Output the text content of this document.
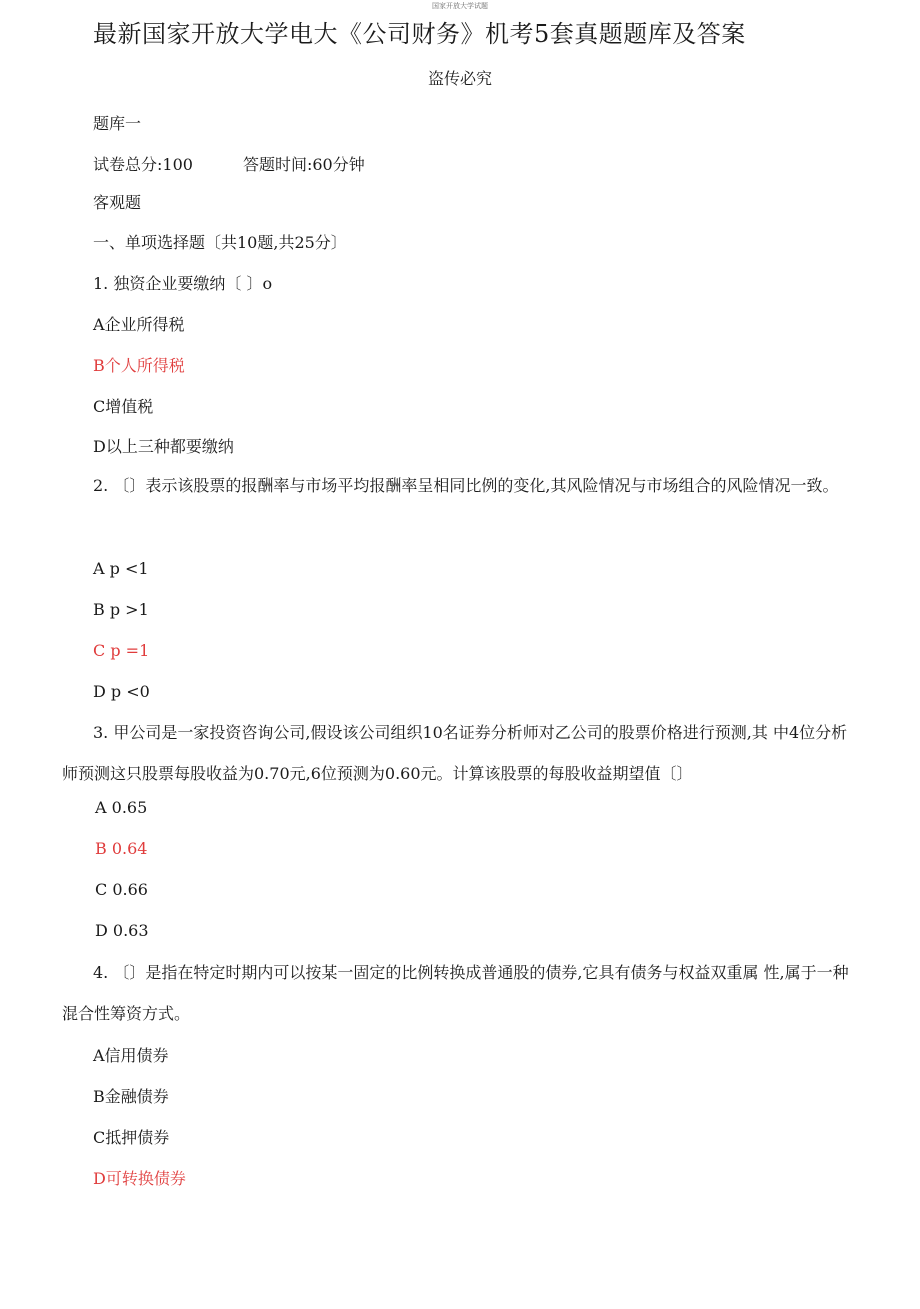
国家开放大学试题
最新国家开放大学电大《公司财务》机考5套真题题库及答案
盗传必究
题库一
试卷总分:100	答题时间:60分钟
客观题
一、单项选择题〔共10题,共25分〕
1. 独资企业要缴纳〔 〕o
A企业所得税
B个人所得税
C增值税
D以上三种都要缴纳
2. 〔〕表示该股票的报酬率与市场平均报酬率呈相同比例的变化,其风险情况与市场组合的风险情况一致。
A p <1
B p >1
C p =1
D p <0
3. 甲公司是一家投资咨询公司,假设该公司组织10名证券分析师对乙公司的股票价格进行预测,其 中4位分析师预测这只股票每股收益为0.70元,6位预测为0.60元。计算该股票的每股收益期望值〔〕
A 0.65
B 0.64
C 0.66
D 0.63
4. 〔〕是指在特定时期内可以按某一固定的比例转换成普通股的债券,它具有债务与权益双重属 性,属于一种混合性筹资方式。
A信用债券
B金融债券
C抵押债券
D可转换债券
